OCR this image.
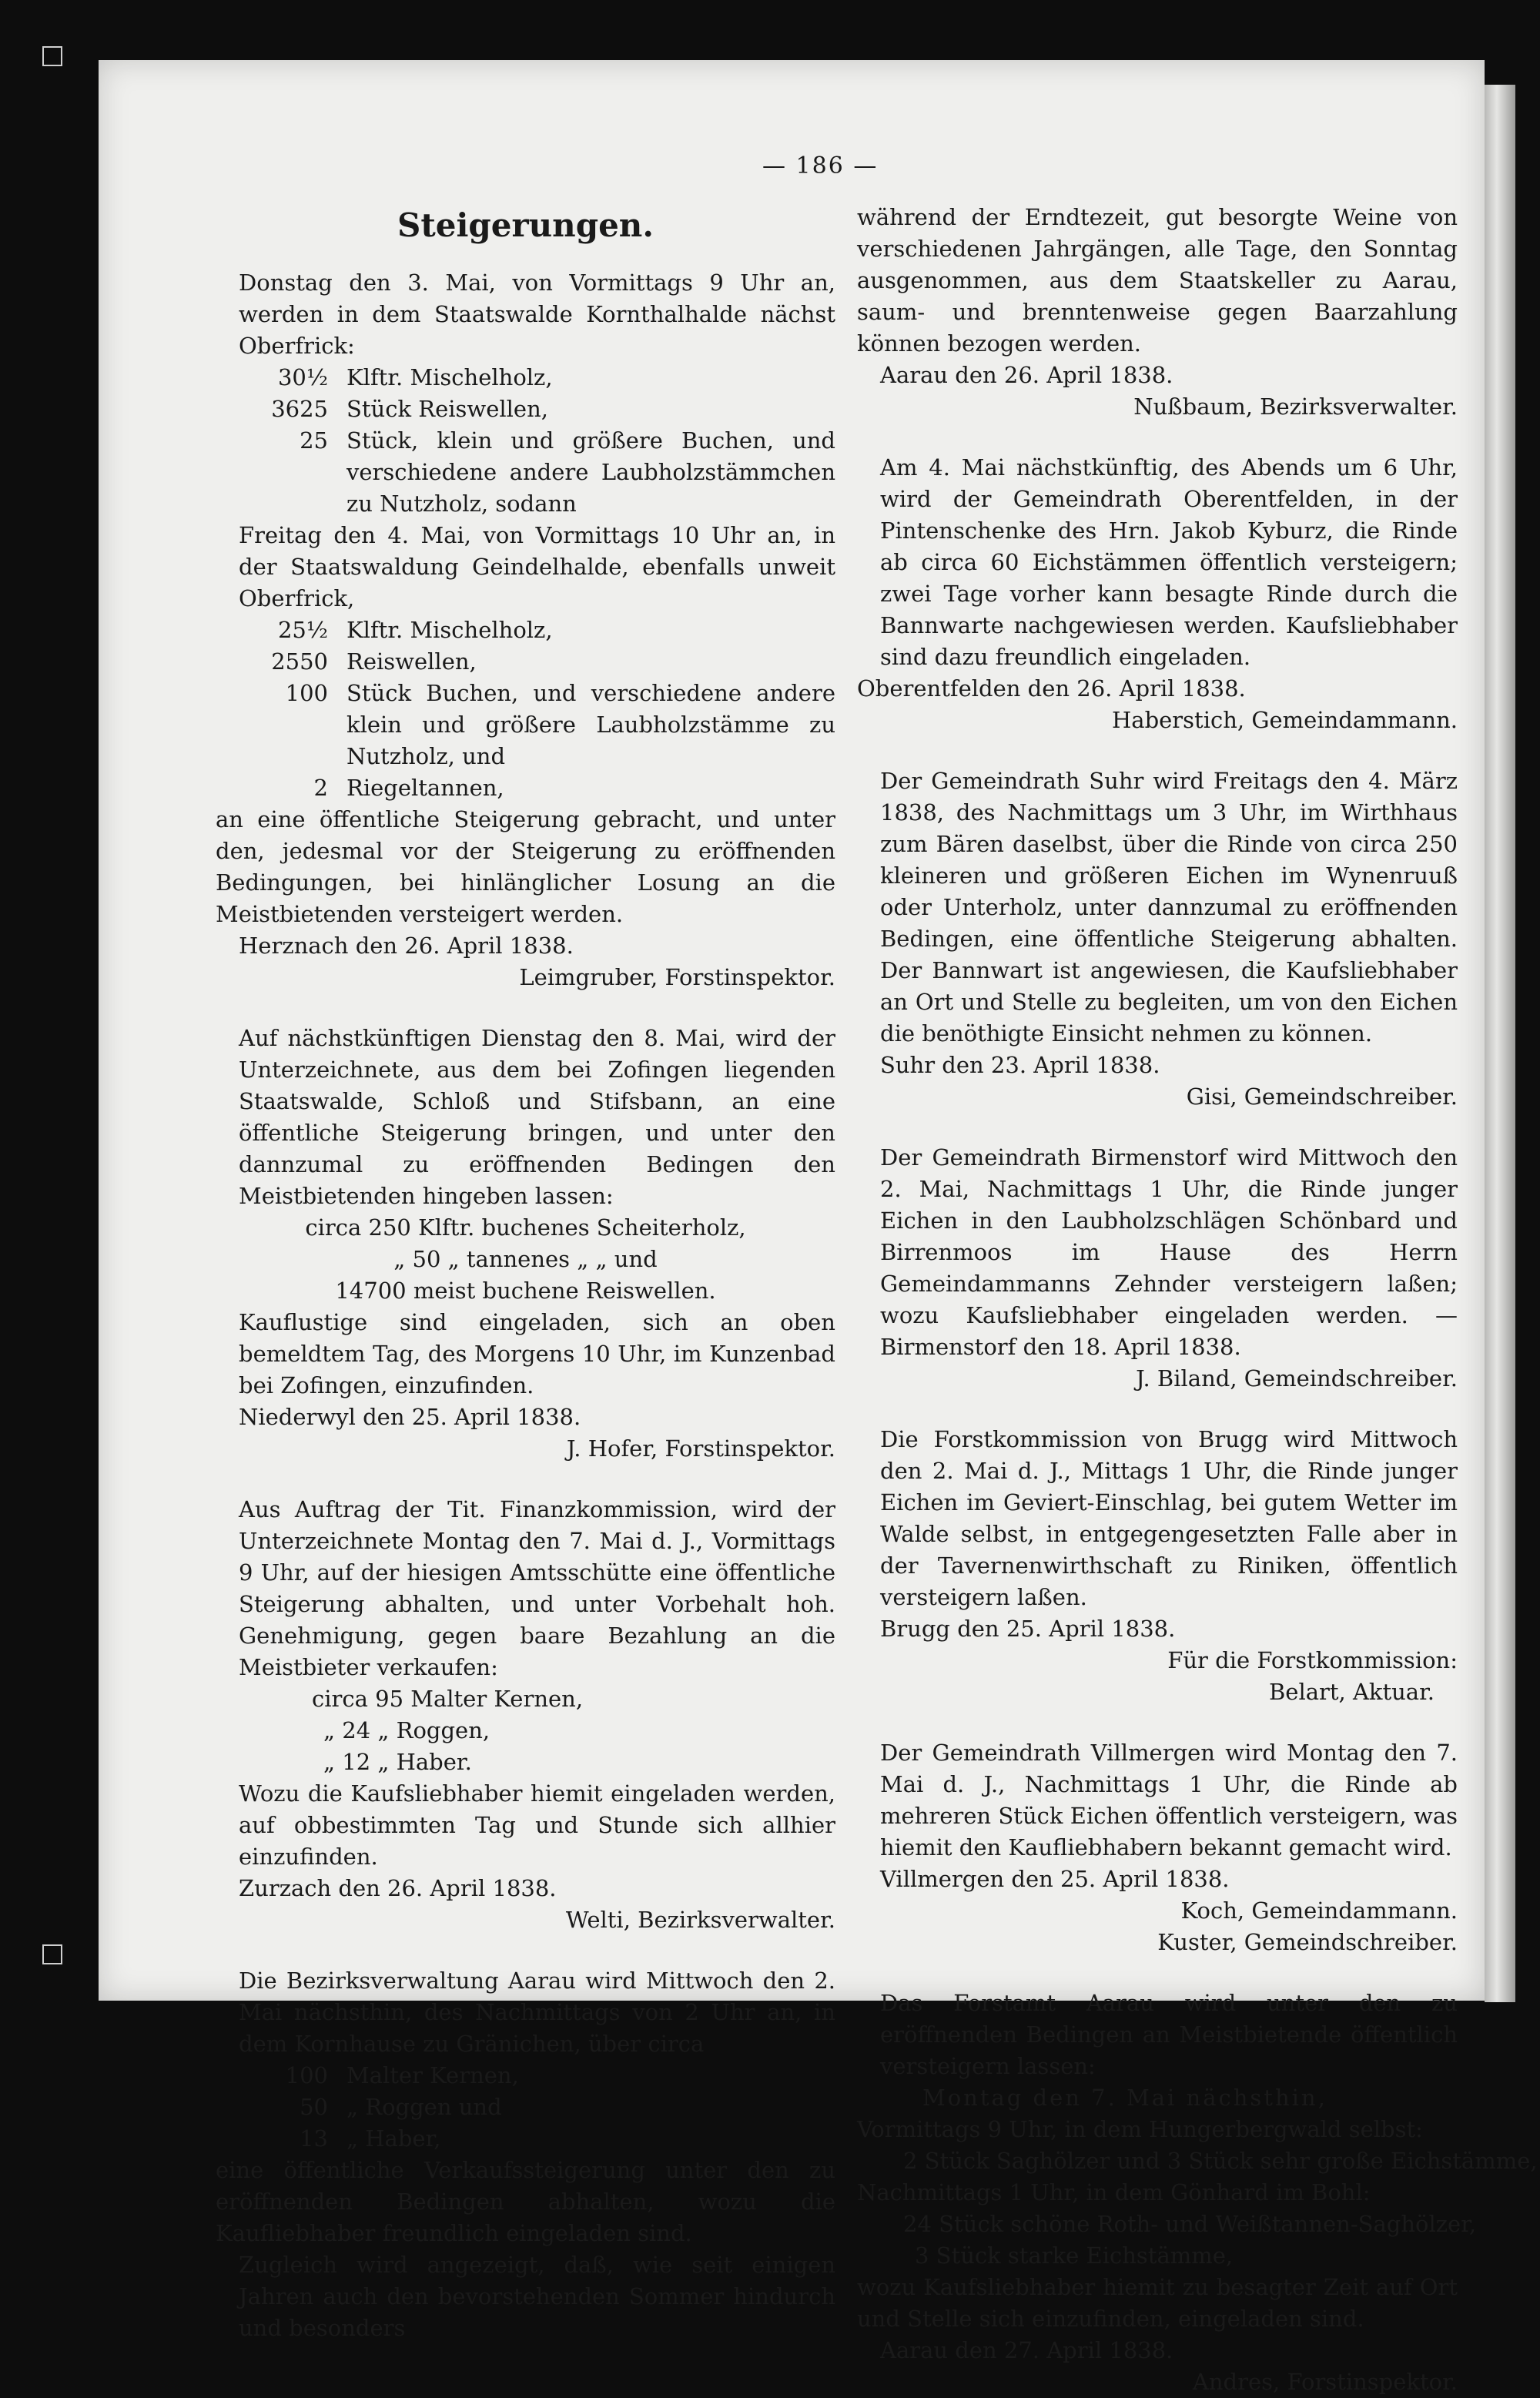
— 186 —

Steigerungen.

Donstag den 3. Mai, von Vormittags 9 Uhr an, werden in dem Staatswalde Kornthalhalde nächst Oberfrick:

30½ Klftr. Mischelholz,
3625 Stück Reiswellen,
25 Stück, klein und größere Buchen, und verschiedene andere Laubholzstämmchen zu Nutzholz, sodann

Freitag den 4. Mai, von Vormittags 10 Uhr an, in der Staatswaldung Geindelhalde, ebenfalls unweit Oberfrick,

25½ Klftr. Mischelholz,
2550 Reiswellen,
100 Stück Buchen, und verschiedene andere klein und größere Laubholzstämme zu Nutzholz, und
2 Riegeltannen,

an eine öffentliche Steigerung gebracht, und unter den, jedesmal vor der Steigerung zu eröffnenden Bedingungen, bei hinlänglicher Losung an die Meistbietenden versteigert werden.

Herznach den 26. April 1838.

Leimgruber, Forstinspektor.

Auf nächstkünftigen Dienstag den 8. Mai, wird der Unterzeichnete, aus dem bei Zofingen liegenden Staatswalde, Schloß und Stifsbann, an eine öffentliche Steigerung bringen, und unter den dannzumal zu eröffnenden Bedingen den Meistbietenden hingeben lassen:

circa 250 Klftr. buchenes Scheiterholz,

„ 50 „ tannenes „ „ und

14700 meist buchene Reiswellen.

Kauflustige sind eingeladen, sich an oben bemeldtem Tag, des Morgens 10 Uhr, im Kunzenbad bei Zofingen, einzufinden.

Niederwyl den 25. April 1838.

J. Hofer, Forstinspektor.

Aus Auftrag der Tit. Finanzkommission, wird der Unterzeichnete Montag den 7. Mai d. J., Vormittags 9 Uhr, auf der hiesigen Amtsschütte eine öffentliche Steigerung abhalten, und unter Vorbehalt hoh. Genehmigung, gegen baare Bezahlung an die Meistbieter verkaufen:

circa 95 Malter Kernen,

„ 24 „ Roggen,

„ 12 „ Haber.

Wozu die Kaufsliebhaber hiemit eingeladen werden, auf obbestimmten Tag und Stunde sich allhier einzufinden.

Zurzach den 26. April 1838.

Welti, Bezirksverwalter.

Die Bezirksverwaltung Aarau wird Mittwoch den 2. Mai nächsthin, des Nachmittags von 2 Uhr an, in dem Kornhause zu Gränichen, über circa

100 Malter Kernen,
50 „ Roggen und
13 „ Haber,

eine öffentliche Verkaufssteigerung unter den zu eröffnenden Bedingen abhalten, wozu die Kaufliebhaber freundlich eingeladen sind.

Zugleich wird angezeigt, daß, wie seit einigen Jahren auch den bevorstehenden Sommer hindurch und besonders

während der Erndtezeit, gut besorgte Weine von verschiedenen Jahrgängen, alle Tage, den Sonntag ausgenommen, aus dem Staatskeller zu Aarau, saum- und brenntenweise gegen Baarzahlung können bezogen werden.

Aarau den 26. April 1838.

Nußbaum, Bezirksverwalter.

Am 4. Mai nächstkünftig, des Abends um 6 Uhr, wird der Gemeindrath Oberentfelden, in der Pintenschenke des Hrn. Jakob Kyburz, die Rinde ab circa 60 Eichstämmen öffentlich versteigern; zwei Tage vorher kann besagte Rinde durch die Bannwarte nachgewiesen werden. Kaufsliebhaber sind dazu freundlich eingeladen.

Oberentfelden den 26. April 1838.

Haberstich, Gemeindammann.

Der Gemeindrath Suhr wird Freitags den 4. März 1838, des Nachmittags um 3 Uhr, im Wirthhaus zum Bären daselbst, über die Rinde von circa 250 kleineren und größeren Eichen im Wynenruuß oder Unterholz, unter dannzumal zu eröffnenden Bedingen, eine öffentliche Steigerung abhalten. Der Bannwart ist angewiesen, die Kaufsliebhaber an Ort und Stelle zu begleiten, um von den Eichen die benöthigte Einsicht nehmen zu können.

Suhr den 23. April 1838.

Gisi, Gemeindschreiber.

Der Gemeindrath Birmenstorf wird Mittwoch den 2. Mai, Nachmittags 1 Uhr, die Rinde junger Eichen in den Laubholzschlägen Schönbard und Birrenmoos im Hause des Herrn Gemeindammanns Zehnder versteigern laßen; wozu Kaufsliebhaber eingeladen werden. — Birmenstorf den 18. April 1838.

J. Biland, Gemeindschreiber.

Die Forstkommission von Brugg wird Mittwoch den 2. Mai d. J., Mittags 1 Uhr, die Rinde junger Eichen im Geviert-Einschlag, bei gutem Wetter im Walde selbst, in entgegengesetzten Falle aber in der Tavernenwirthschaft zu Riniken, öffentlich versteigern laßen.

Brugg den 25. April 1838.

Für die Forstkommission:

Belart, Aktuar.

Der Gemeindrath Villmergen wird Montag den 7. Mai d. J., Nachmittags 1 Uhr, die Rinde ab mehreren Stück Eichen öffentlich versteigern, was hiemit den Kaufliebhabern bekannt gemacht wird.

Villmergen den 25. April 1838.

Koch, Gemeindammann.

Kuster, Gemeindschreiber.

Das Forstamt Aarau wird unter den zu eröffnenden Bedingen an Meistbietende öffentlich versteigern lassen:

Montag den 7. Mai nächsthin,

Vormittags 9 Uhr, in dem Hungerbergwald selbst:

2 Stück Saghölzer und 3 Stück sehr große Eichstämme,

Nachmittags 1 Uhr, in dem Gönhard im Bohl:

24 Stück schöne Roth- und Weißtannen-Saghölzer,

3 Stück starke Eichstämme,

wozu Kaufsliebhaber hiemit zu besagter Zeit auf Ort und Stelle sich einzufinden, eingeladen sind.

Aarau den 27. April 1838.

Andres, Forstinspektor.
